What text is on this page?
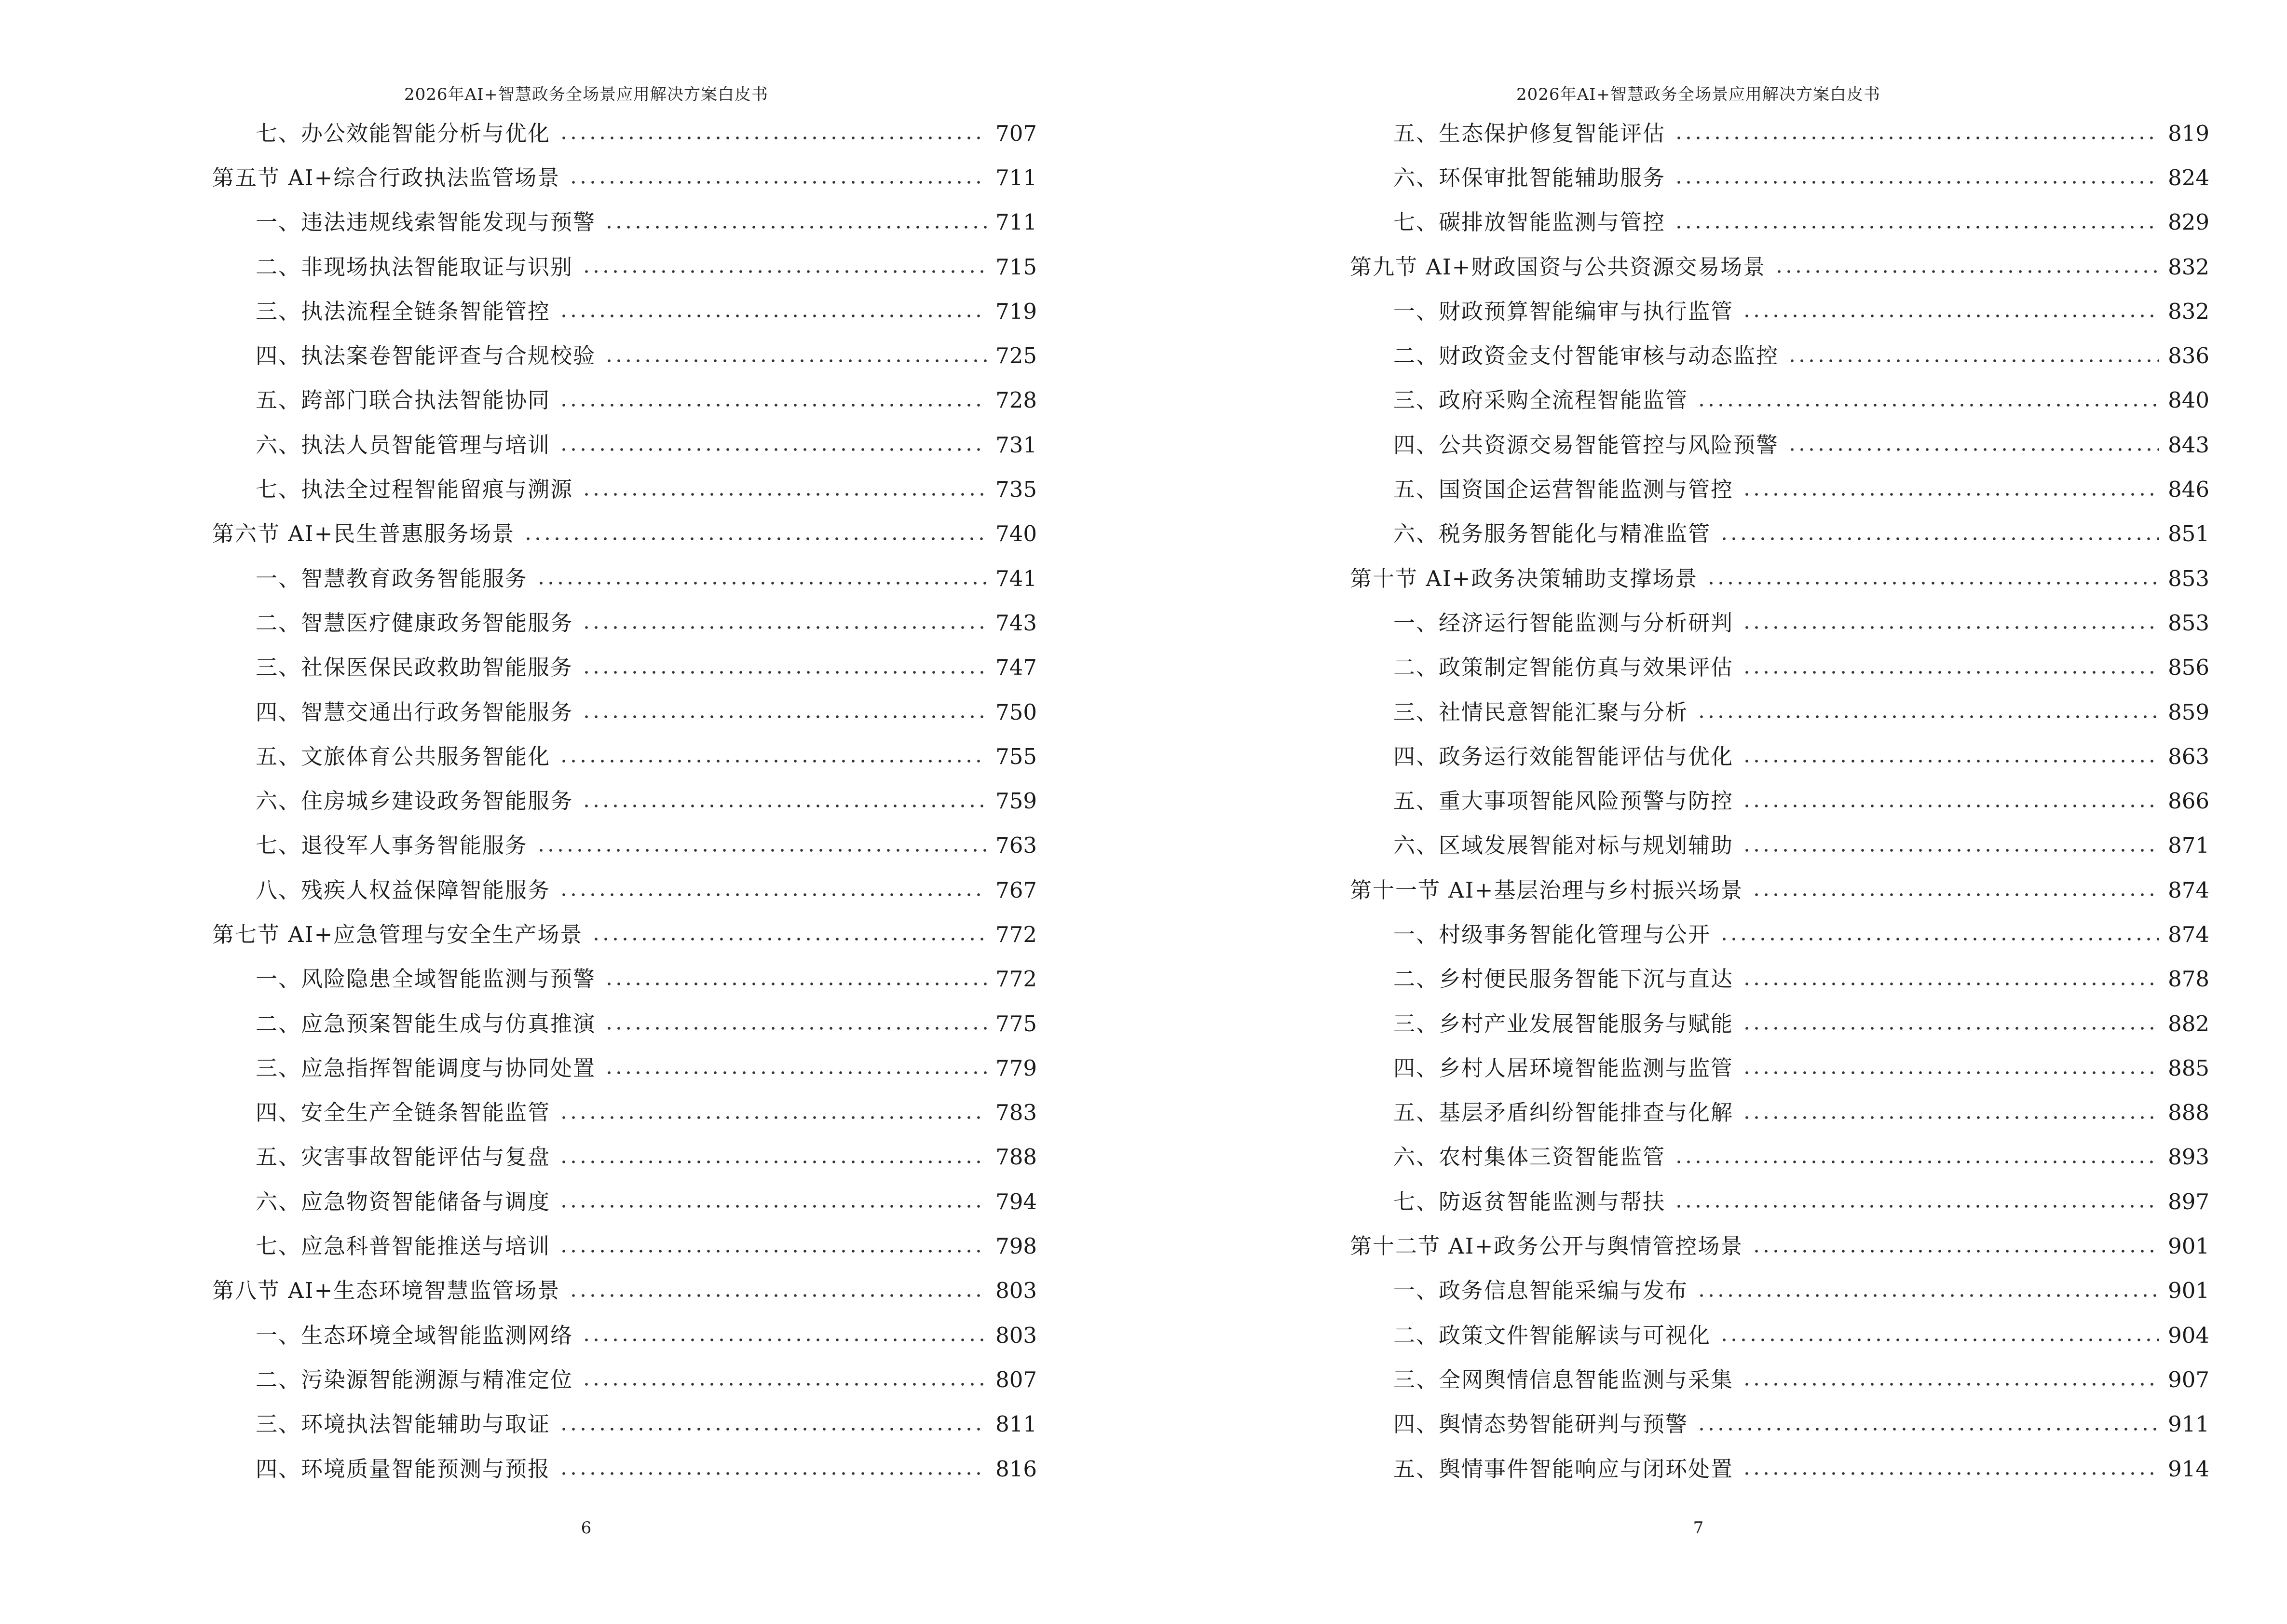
2026年AI+智慧政务全场景应用解决方案白皮书
七、办公效能智能分析与优化	707
第五节 AI+综合行政执法监管场景	711
一、违法违规线索智能发现与预警	711
二、非现场执法智能取证与识别	715
三、执法流程全链条智能管控	719
四、执法案卷智能评查与合规校验	725
五、跨部门联合执法智能协同	728
六、执法人员智能管理与培训	731
七、执法全过程智能留痕与溯源	735
第六节 AI+民生普惠服务场景	740
一、智慧教育政务智能服务	741
二、智慧医疗健康政务智能服务	743
三、社保医保民政救助智能服务	747
四、智慧交通出行政务智能服务	750
五、文旅体育公共服务智能化	755
六、住房城乡建设政务智能服务	759
七、退役军人事务智能服务	763
八、残疾人权益保障智能服务	767
第七节 AI+应急管理与安全生产场景	772
一、风险隐患全域智能监测与预警	772
二、应急预案智能生成与仿真推演	775
三、应急指挥智能调度与协同处置	779
四、安全生产全链条智能监管	783
五、灾害事故智能评估与复盘	788
六、应急物资智能储备与调度	794
七、应急科普智能推送与培训	798
第八节 AI+生态环境智慧监管场景	803
一、生态环境全域智能监测网络	803
二、污染源智能溯源与精准定位	807
三、环境执法智能辅助与取证	811
四、环境质量智能预测与预报	816
6
2026年AI+智慧政务全场景应用解决方案白皮书
五、生态保护修复智能评估	819
六、环保审批智能辅助服务	824
七、碳排放智能监测与管控	829
第九节 AI+财政国资与公共资源交易场景	832
一、财政预算智能编审与执行监管	832
二、财政资金支付智能审核与动态监控	836
三、政府采购全流程智能监管	840
四、公共资源交易智能管控与风险预警	843
五、国资国企运营智能监测与管控	846
六、税务服务智能化与精准监管	851
第十节 AI+政务决策辅助支撑场景	853
一、经济运行智能监测与分析研判	853
二、政策制定智能仿真与效果评估	856
三、社情民意智能汇聚与分析	859
四、政务运行效能智能评估与优化	863
五、重大事项智能风险预警与防控	866
六、区域发展智能对标与规划辅助	871
第十一节 AI+基层治理与乡村振兴场景	874
一、村级事务智能化管理与公开	874
二、乡村便民服务智能下沉与直达	878
三、乡村产业发展智能服务与赋能	882
四、乡村人居环境智能监测与监管	885
五、基层矛盾纠纷智能排查与化解	888
六、农村集体三资智能监管	893
七、防返贫智能监测与帮扶	897
第十二节 AI+政务公开与舆情管控场景	901
一、政务信息智能采编与发布	901
二、政策文件智能解读与可视化	904
三、全网舆情信息智能监测与采集	907
四、舆情态势智能研判与预警	911
五、舆情事件智能响应与闭环处置	914
7
